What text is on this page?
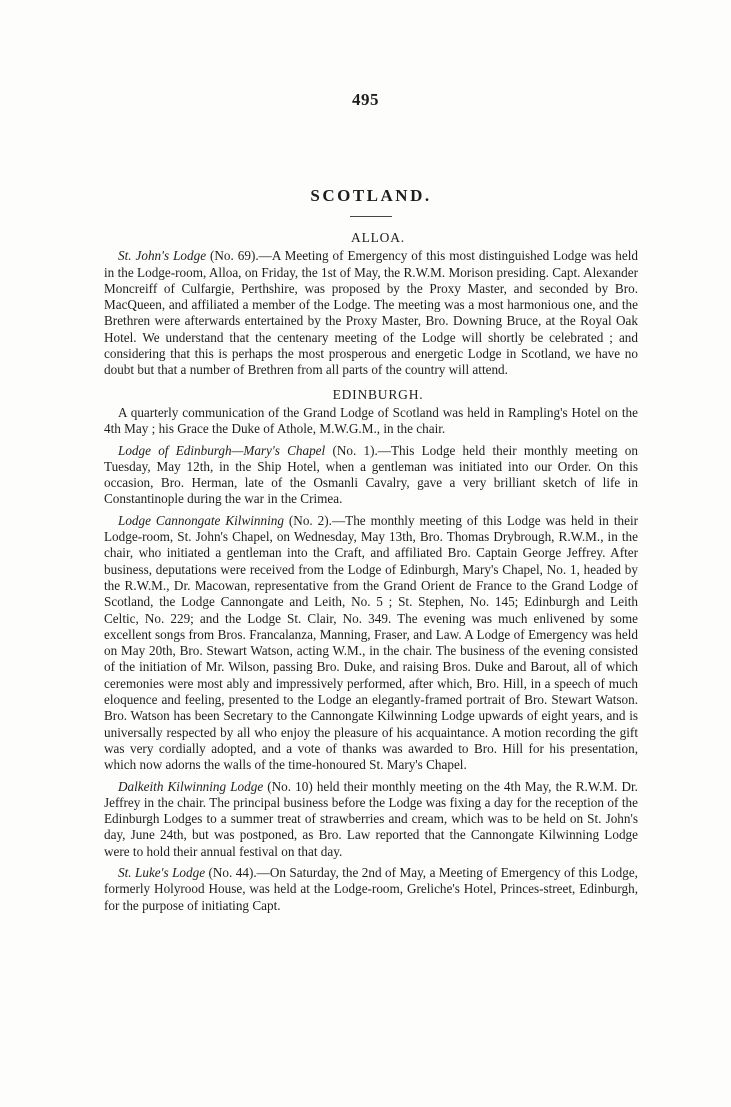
495
SCOTLAND.
ALLOA.

St. John's Lodge (No. 69).—A Meeting of Emergency of this most distinguished Lodge was held in the Lodge-room, Alloa, on Friday, the 1st of May, the R.W.M. Morison presiding. Capt. Alexander Moncreiff of Culfargie, Perthshire, was proposed by the Proxy Master, and seconded by Bro. MacQueen, and affiliated a member of the Lodge. The meeting was a most harmonious one, and the Brethren were afterwards entertained by the Proxy Master, Bro. Downing Bruce, at the Royal Oak Hotel. We understand that the centenary meeting of the Lodge will shortly be celebrated ; and considering that this is perhaps the most prosperous and energetic Lodge in Scotland, we have no doubt but that a number of Brethren from all parts of the country will attend.

EDINBURGH.

A quarterly communication of the Grand Lodge of Scotland was held in Rampling's Hotel on the 4th May ; his Grace the Duke of Athole, M.W.G.M., in the chair.

Lodge of Edinburgh—Mary's Chapel (No. 1).—This Lodge held their monthly meeting on Tuesday, May 12th, in the Ship Hotel, when a gentleman was initiated into our Order. On this occasion, Bro. Herman, late of the Osmanli Cavalry, gave a very brilliant sketch of life in Constantinople during the war in the Crimea.

Lodge Cannongate Kilwinning (No. 2).—The monthly meeting of this Lodge was held in their Lodge-room, St. John's Chapel, on Wednesday, May 13th, Bro. Thomas Drybrough, R.W.M., in the chair, who initiated a gentleman into the Craft, and affiliated Bro. Captain George Jeffrey. After business, deputations were received from the Lodge of Edinburgh, Mary's Chapel, No. 1, headed by the R.W.M., Dr. Macowan, representative from the Grand Orient de France to the Grand Lodge of Scotland, the Lodge Cannongate and Leith, No. 5 ; St. Stephen, No. 145; Edinburgh and Leith Celtic, No. 229; and the Lodge St. Clair, No. 349. The evening was much enlivened by some excellent songs from Bros. Francalanza, Manning, Fraser, and Law. A Lodge of Emergency was held on May 20th, Bro. Stewart Watson, acting W.M., in the chair. The business of the evening consisted of the initiation of Mr. Wilson, passing Bro. Duke, and raising Bros. Duke and Barout, all of which ceremonies were most ably and impressively performed, after which, Bro. Hill, in a speech of much eloquence and feeling, presented to the Lodge an elegantly-framed portrait of Bro. Stewart Watson. Bro. Watson has been Secretary to the Cannongate Kilwinning Lodge upwards of eight years, and is universally respected by all who enjoy the pleasure of his acquaintance. A motion recording the gift was very cordially adopted, and a vote of thanks was awarded to Bro. Hill for his presentation, which now adorns the walls of the time-honoured St. Mary's Chapel.

Dalkeith Kilwinning Lodge (No. 10) held their monthly meeting on the 4th May, the R.W.M. Dr. Jeffrey in the chair. The principal business before the Lodge was fixing a day for the reception of the Edinburgh Lodges to a summer treat of strawberries and cream, which was to be held on St. John's day, June 24th, but was postponed, as Bro. Law reported that the Cannongate Kilwinning Lodge were to hold their annual festival on that day.

St. Luke's Lodge (No. 44).—On Saturday, the 2nd of May, a Meeting of Emergency of this Lodge, formerly Holyrood House, was held at the Lodge-room, Greliche's Hotel, Princes-street, Edinburgh, for the purpose of initiating Capt.
